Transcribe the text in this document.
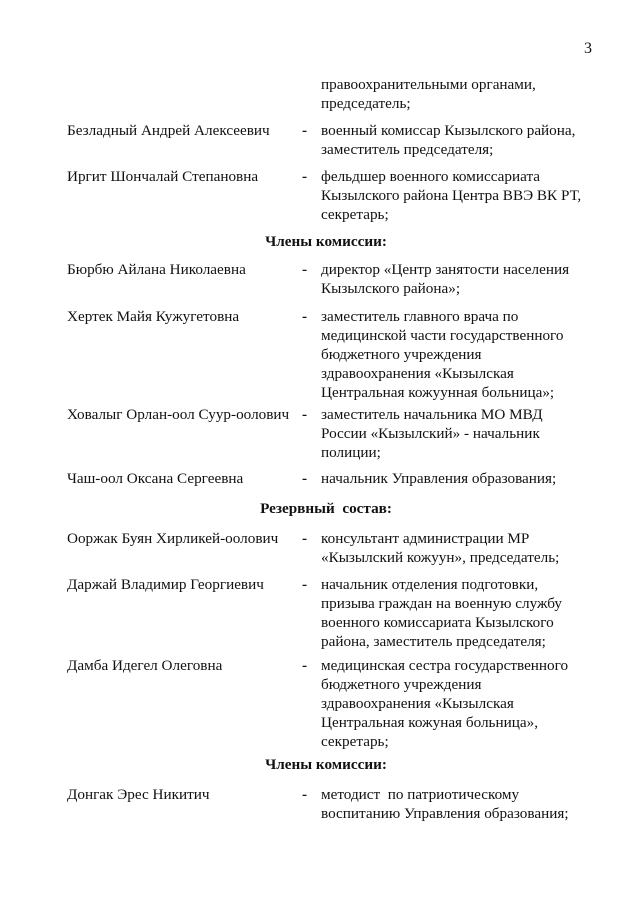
3
правоохранительными органами,
председатель;
Безладный Андрей Алексеевич - военный комиссар Кызылского района,
заместитель председателя;
Иргит Шончалай Степановна	- фельдшер военного комиссариата
Кызылского района Центра ВВЭ ВК РТ,
секретарь;
Члены комиссии:
Бюрбю Айлана Николаевна	- директор «Центр занятости населения
Кызылского района»;
Хертек Майя Кужугетовна	- заместитель главного врача по
медицинской части государственного
бюджетного учреждения
здравоохранения «Кызылская
Центральная кожуунная больница»;
Ховалыг Орлан-оол Суур-оолович - заместитель начальника МО МВД
России «Кызылский» - начальник
полиции;
Чаш-оол Оксана Сергеевна	- начальник Управления образования;
Резервный  состав:
Ооржак Буян Хирликей-оолович - консультант администрации МР
«Кызылский кожуун», председатель;
Даржай Владимир Георгиевич	- начальник отделения подготовки,
призыва граждан на военную службу
военного комиссариата Кызылского
района, заместитель председателя;
Дамба Идегел Олеговна	- медицинская сестра государственного
бюджетного учреждения
здравоохранения «Кызылская
Центральная кожуная больница»,
секретарь;
Члены комиссии:
Донгак Эрес Никитич	- методист  по патриотическому
воспитанию Управления образования;
